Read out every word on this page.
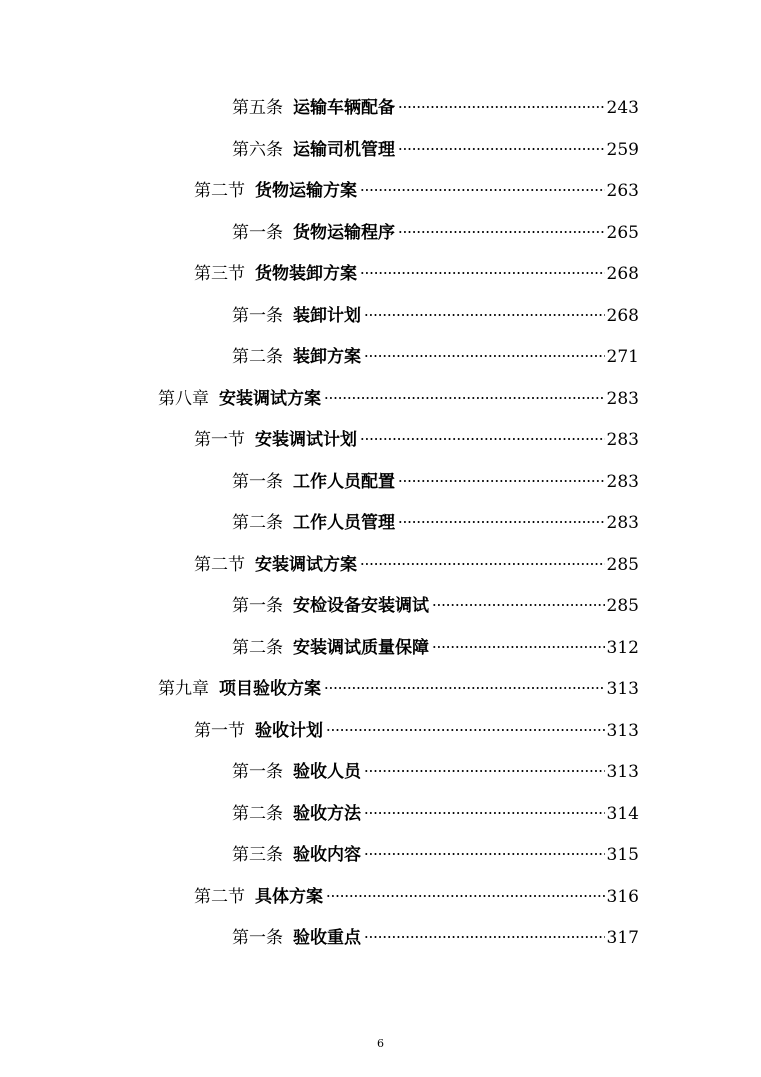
第五条 运输车辆配备	243
第六条 运输司机管理	259
第二节 货物运输方案	263
第一条 货物运输程序	265
第三节 货物装卸方案	268
第一条 装卸计划	268
第二条 装卸方案	271
第八章 安装调试方案	283
第一节 安装调试计划	283
第一条 工作人员配置	283
第二条 工作人员管理	283
第二节 安装调试方案	285
第一条 安检设备安装调试	285
第二条 安装调试质量保障	312
第九章 项目验收方案	313
第一节 验收计划	313
第一条 验收人员	313
第二条 验收方法	314
第三条 验收内容	315
第二节 具体方案	316
第一条 验收重点	317
6
